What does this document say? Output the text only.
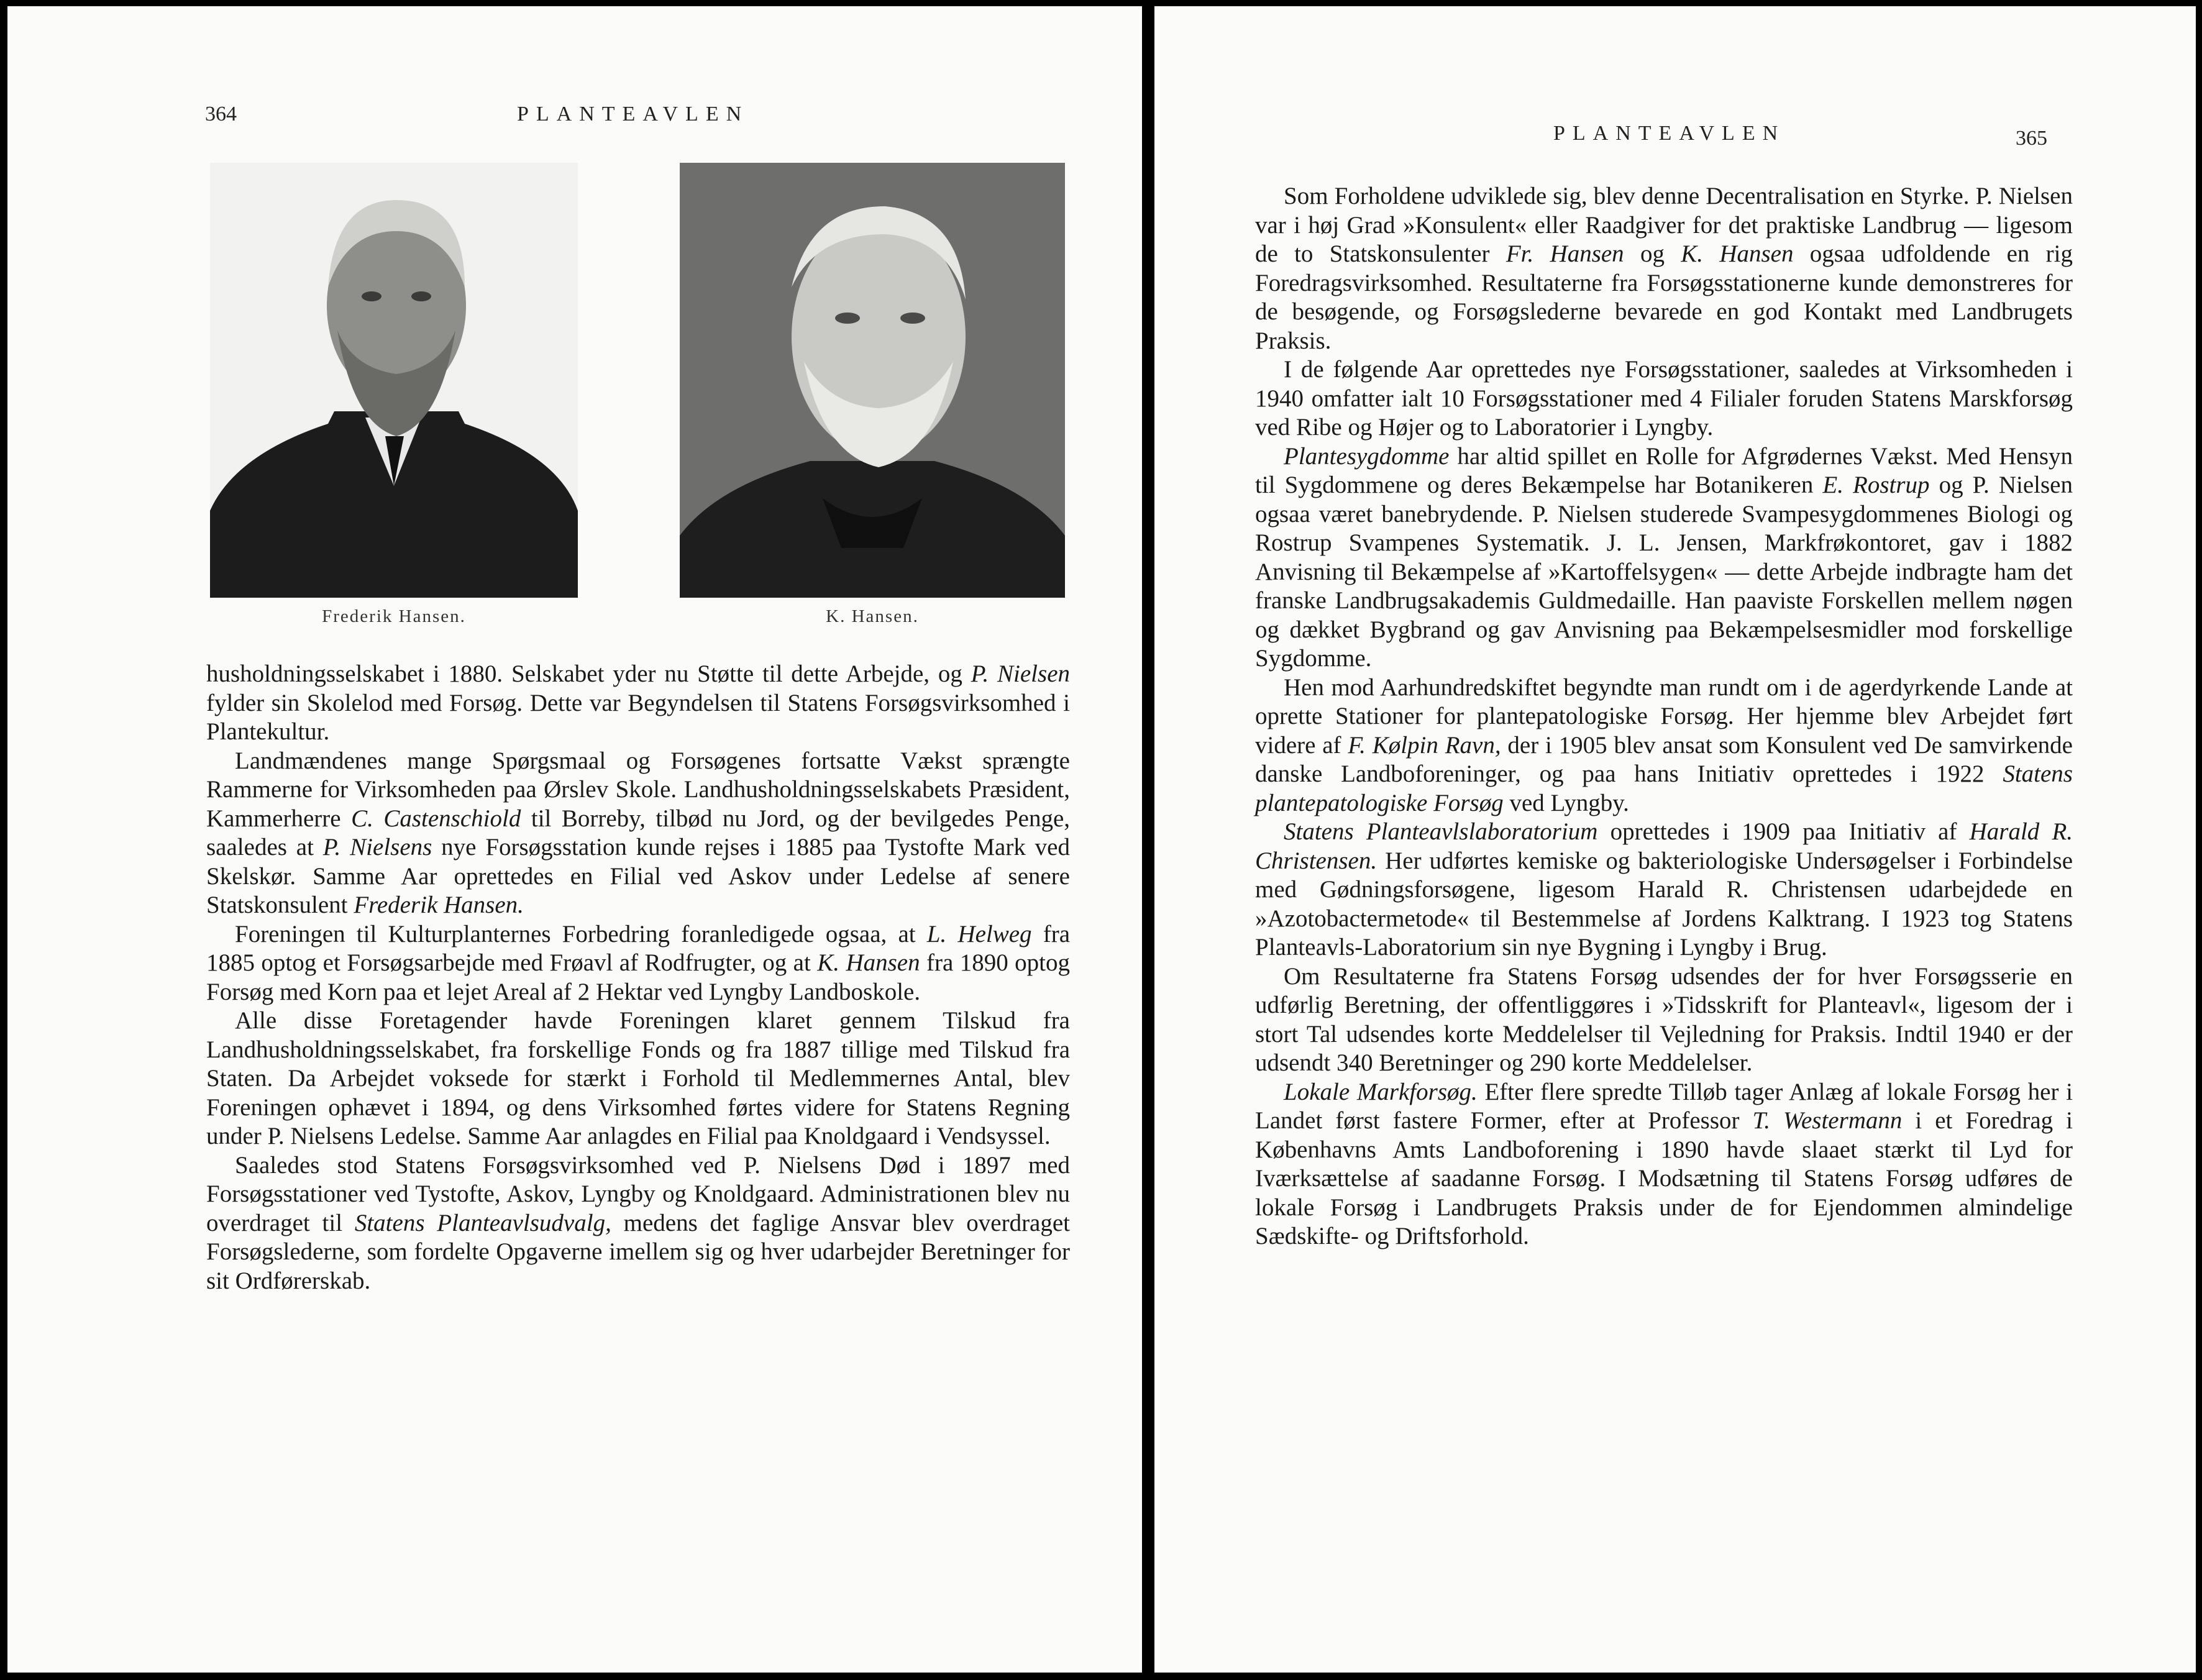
364	PLANTEAVLEN
Frederik Hansen.	K. Hansen.

husholdningsselskabet i 1880. Selskabet yder nu Støtte til dette Arbejde, og P. Nielsen fylder sin Skolelod med Forsøg. Dette var Begyndelsen til Statens Forsøgsvirksomhed i Plantekultur.

Landmændenes mange Spørgsmaal og Forsøgenes fortsatte Vækst sprængte Rammerne for Virksomheden paa Ørslev Skole. Landhusholdningsselskabets Præsident, Kammerherre C. Castenschiold til Borreby, tilbød nu Jord, og der bevilgedes Penge, saaledes at P. Nielsens nye Forsøgsstation kunde rejses i 1885 paa Tystofte Mark ved Skelskør. Samme Aar oprettedes en Filial ved Askov under Ledelse af senere Statskonsulent Frederik Hansen.

Foreningen til Kulturplanternes Forbedring foranledigede ogsaa, at L. Helweg fra 1885 optog et Forsøgsarbejde med Frøavl af Rodfrugter, og at K. Hansen fra 1890 optog Forsøg med Korn paa et lejet Areal af 2 Hektar ved Lyngby Landboskole.

Alle disse Foretagender havde Foreningen klaret gennem Tilskud fra Landhusholdningsselskabet, fra forskellige Fonds og fra 1887 tillige med Tilskud fra Staten. Da Arbejdet voksede for stærkt i Forhold til Medlemmernes Antal, blev Foreningen ophævet i 1894, og dens Virksomhed førtes videre for Statens Regning under P. Nielsens Ledelse. Samme Aar anlagdes en Filial paa Knoldgaard i Vendsyssel.

Saaledes stod Statens Forsøgsvirksomhed ved P. Nielsens Død i 1897 med Forsøgsstationer ved Tystofte, Askov, Lyngby og Knoldgaard. Administrationen blev nu overdraget til Statens Planteavlsudvalg, medens det faglige Ansvar blev overdraget Forsøgslederne, som fordelte Opgaverne imellem sig og hver udarbejder Beretninger for sit Ordførerskab.

PLANTEAVLEN	365

Som Forholdene udviklede sig, blev denne Decentralisation en Styrke. P. Nielsen var i høj Grad »Konsulent« eller Raadgiver for det praktiske Landbrug — ligesom de to Statskonsulenter Fr. Hansen og K. Hansen ogsaa udfoldende en rig Foredragsvirksomhed. Resultaterne fra Forsøgsstationerne kunde demonstreres for de besøgende, og Forsøgslederne bevarede en god Kontakt med Landbrugets Praksis.

I de følgende Aar oprettedes nye Forsøgsstationer, saaledes at Virksomheden i 1940 omfatter ialt 10 Forsøgsstationer med 4 Filialer foruden Statens Marskforsøg ved Ribe og Højer og to Laboratorier i Lyngby.

Plantesygdomme har altid spillet en Rolle for Afgrødernes Vækst. Med Hensyn til Sygdommene og deres Bekæmpelse har Botanikeren E. Rostrup og P. Nielsen ogsaa været banebrydende. P. Nielsen studerede Svampesygdommenes Biologi og Rostrup Svampenes Systematik. J. L. Jensen, Markfrøkontoret, gav i 1882 Anvisning til Bekæmpelse af »Kartoffelsygen« — dette Arbejde indbragte ham det franske Landbrugsakademis Guldmedaille. Han paaviste Forskellen mellem nøgen og dækket Bygbrand og gav Anvisning paa Bekæmpelsesmidler mod forskellige Sygdomme.

Hen mod Aarhundredskiftet begyndte man rundt om i de agerdyrkende Lande at oprette Stationer for plantepatologiske Forsøg. Her hjemme blev Arbejdet ført videre af F. Kølpin Ravn, der i 1905 blev ansat som Konsulent ved De samvirkende danske Landboforeninger, og paa hans Initiativ oprettedes i 1922 Statens plantepatologiske Forsøg ved Lyngby.

Statens Planteavlslaboratorium oprettedes i 1909 paa Initiativ af Harald R. Christensen. Her udførtes kemiske og bakteriologiske Undersøgelser i Forbindelse med Gødningsforsøgene, ligesom Harald R. Christensen udarbejdede en »Azotobactermetode« til Bestemmelse af Jordens Kalktrang. I 1923 tog Statens Planteavls-Laboratorium sin nye Bygning i Lyngby i Brug.

Om Resultaterne fra Statens Forsøg udsendes der for hver Forsøgsserie en udførlig Beretning, der offentliggøres i »Tidsskrift for Planteavl«, ligesom der i stort Tal udsendes korte Meddelelser til Vejledning for Praksis. Indtil 1940 er der udsendt 340 Beretninger og 290 korte Meddelelser.

Lokale Markforsøg. Efter flere spredte Tilløb tager Anlæg af lokale Forsøg her i Landet først fastere Former, efter at Professor T. Westermann i et Foredrag i Københavns Amts Landboforening i 1890 havde slaaet stærkt til Lyd for Iværksættelse af saadanne Forsøg. I Modsætning til Statens Forsøg udføres de lokale Forsøg i Landbrugets Praksis under de for Ejendommen almindelige Sædskifte- og Driftsforhold.
